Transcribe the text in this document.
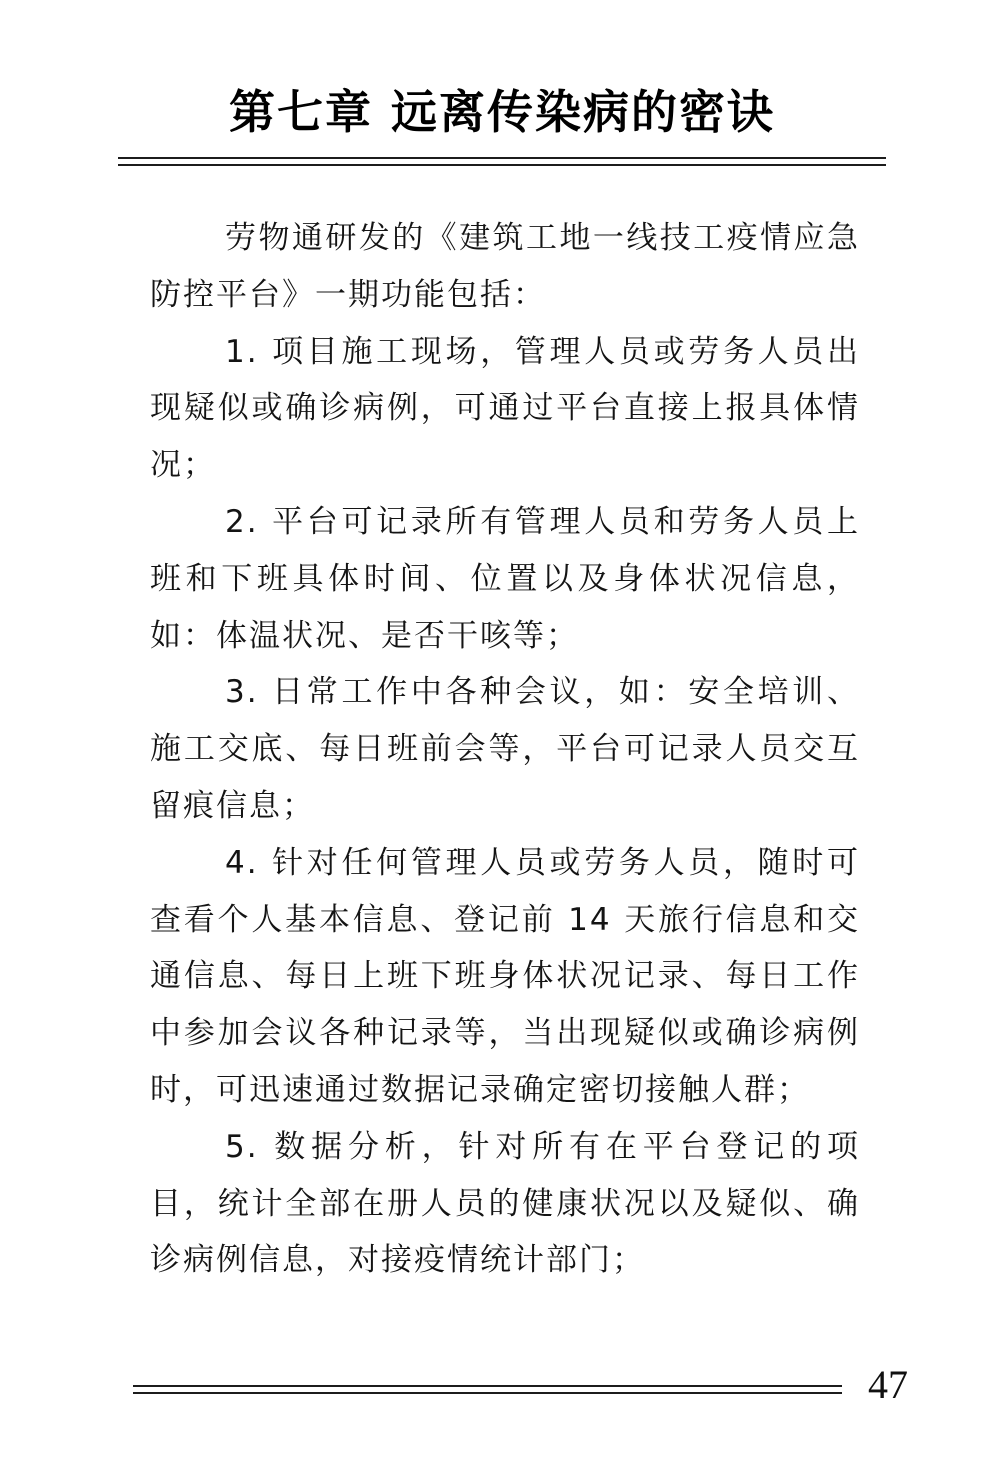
第七章 远离传染病的密诀

劳物通研发的《建筑工地一线技工疫情应急防控平台》一期功能包括：

1. 项目施工现场，管理人员或劳务人员出现疑似或确诊病例，可通过平台直接上报具体情况；

2. 平台可记录所有管理人员和劳务人员上班和下班具体时间、位置以及身体状况信息，如：体温状况、是否干咳等；

3. 日常工作中各种会议，如：安全培训、施工交底、每日班前会等，平台可记录人员交互留痕信息；

4. 针对任何管理人员或劳务人员，随时可查看个人基本信息、登记前 14 天旅行信息和交通信息、每日上班下班身体状况记录、每日工作中参加会议各种记录等，当出现疑似或确诊病例时，可迅速通过数据记录确定密切接触人群；

5. 数据分析，针对所有在平台登记的项目，统计全部在册人员的健康状况以及疑似、确诊病例信息，对接疫情统计部门；

47
